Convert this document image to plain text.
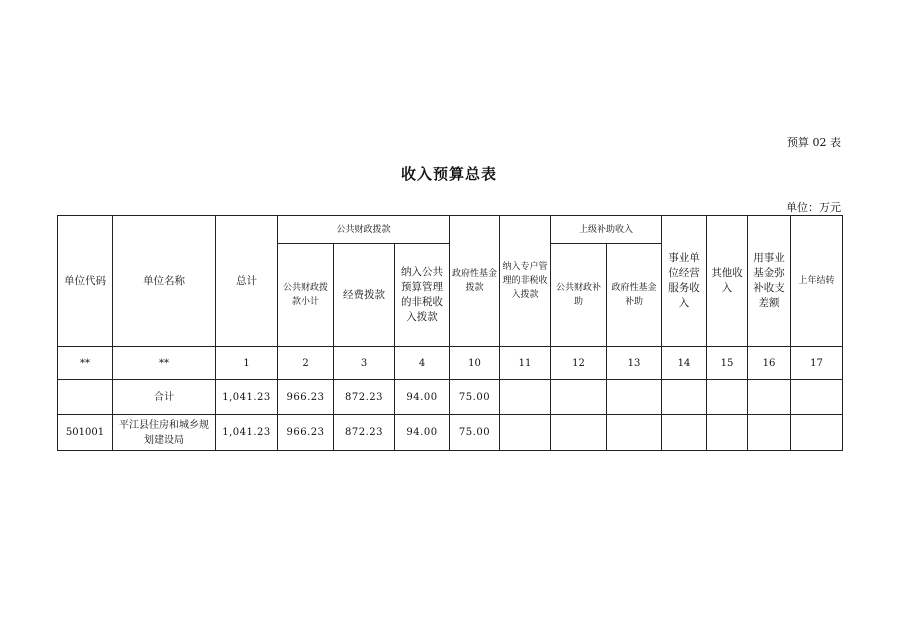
预算 02 表
收入预算总表
单位：万元
单位代码	单位名称	总计	公共财政拨款			政府性基金拨款	纳入专户管理的非税收入拨款	上级补助收入		事业单位经营服务收入	其他收入	用事业基金弥补收支差额	上年结转
			公共财政拨款小计	经费拨款	纳入公共预算管理的非税收入拨款			公共财政补助	政府性基金补助				
**	**	1	2	3	4	10	11	12	13	14	15	16	17
	合计	1,041.23	966.23	872.23	94.00	75.00							
501001	平江县住房和城乡规划建设局	1,041.23	966.23	872.23	94.00	75.00							
